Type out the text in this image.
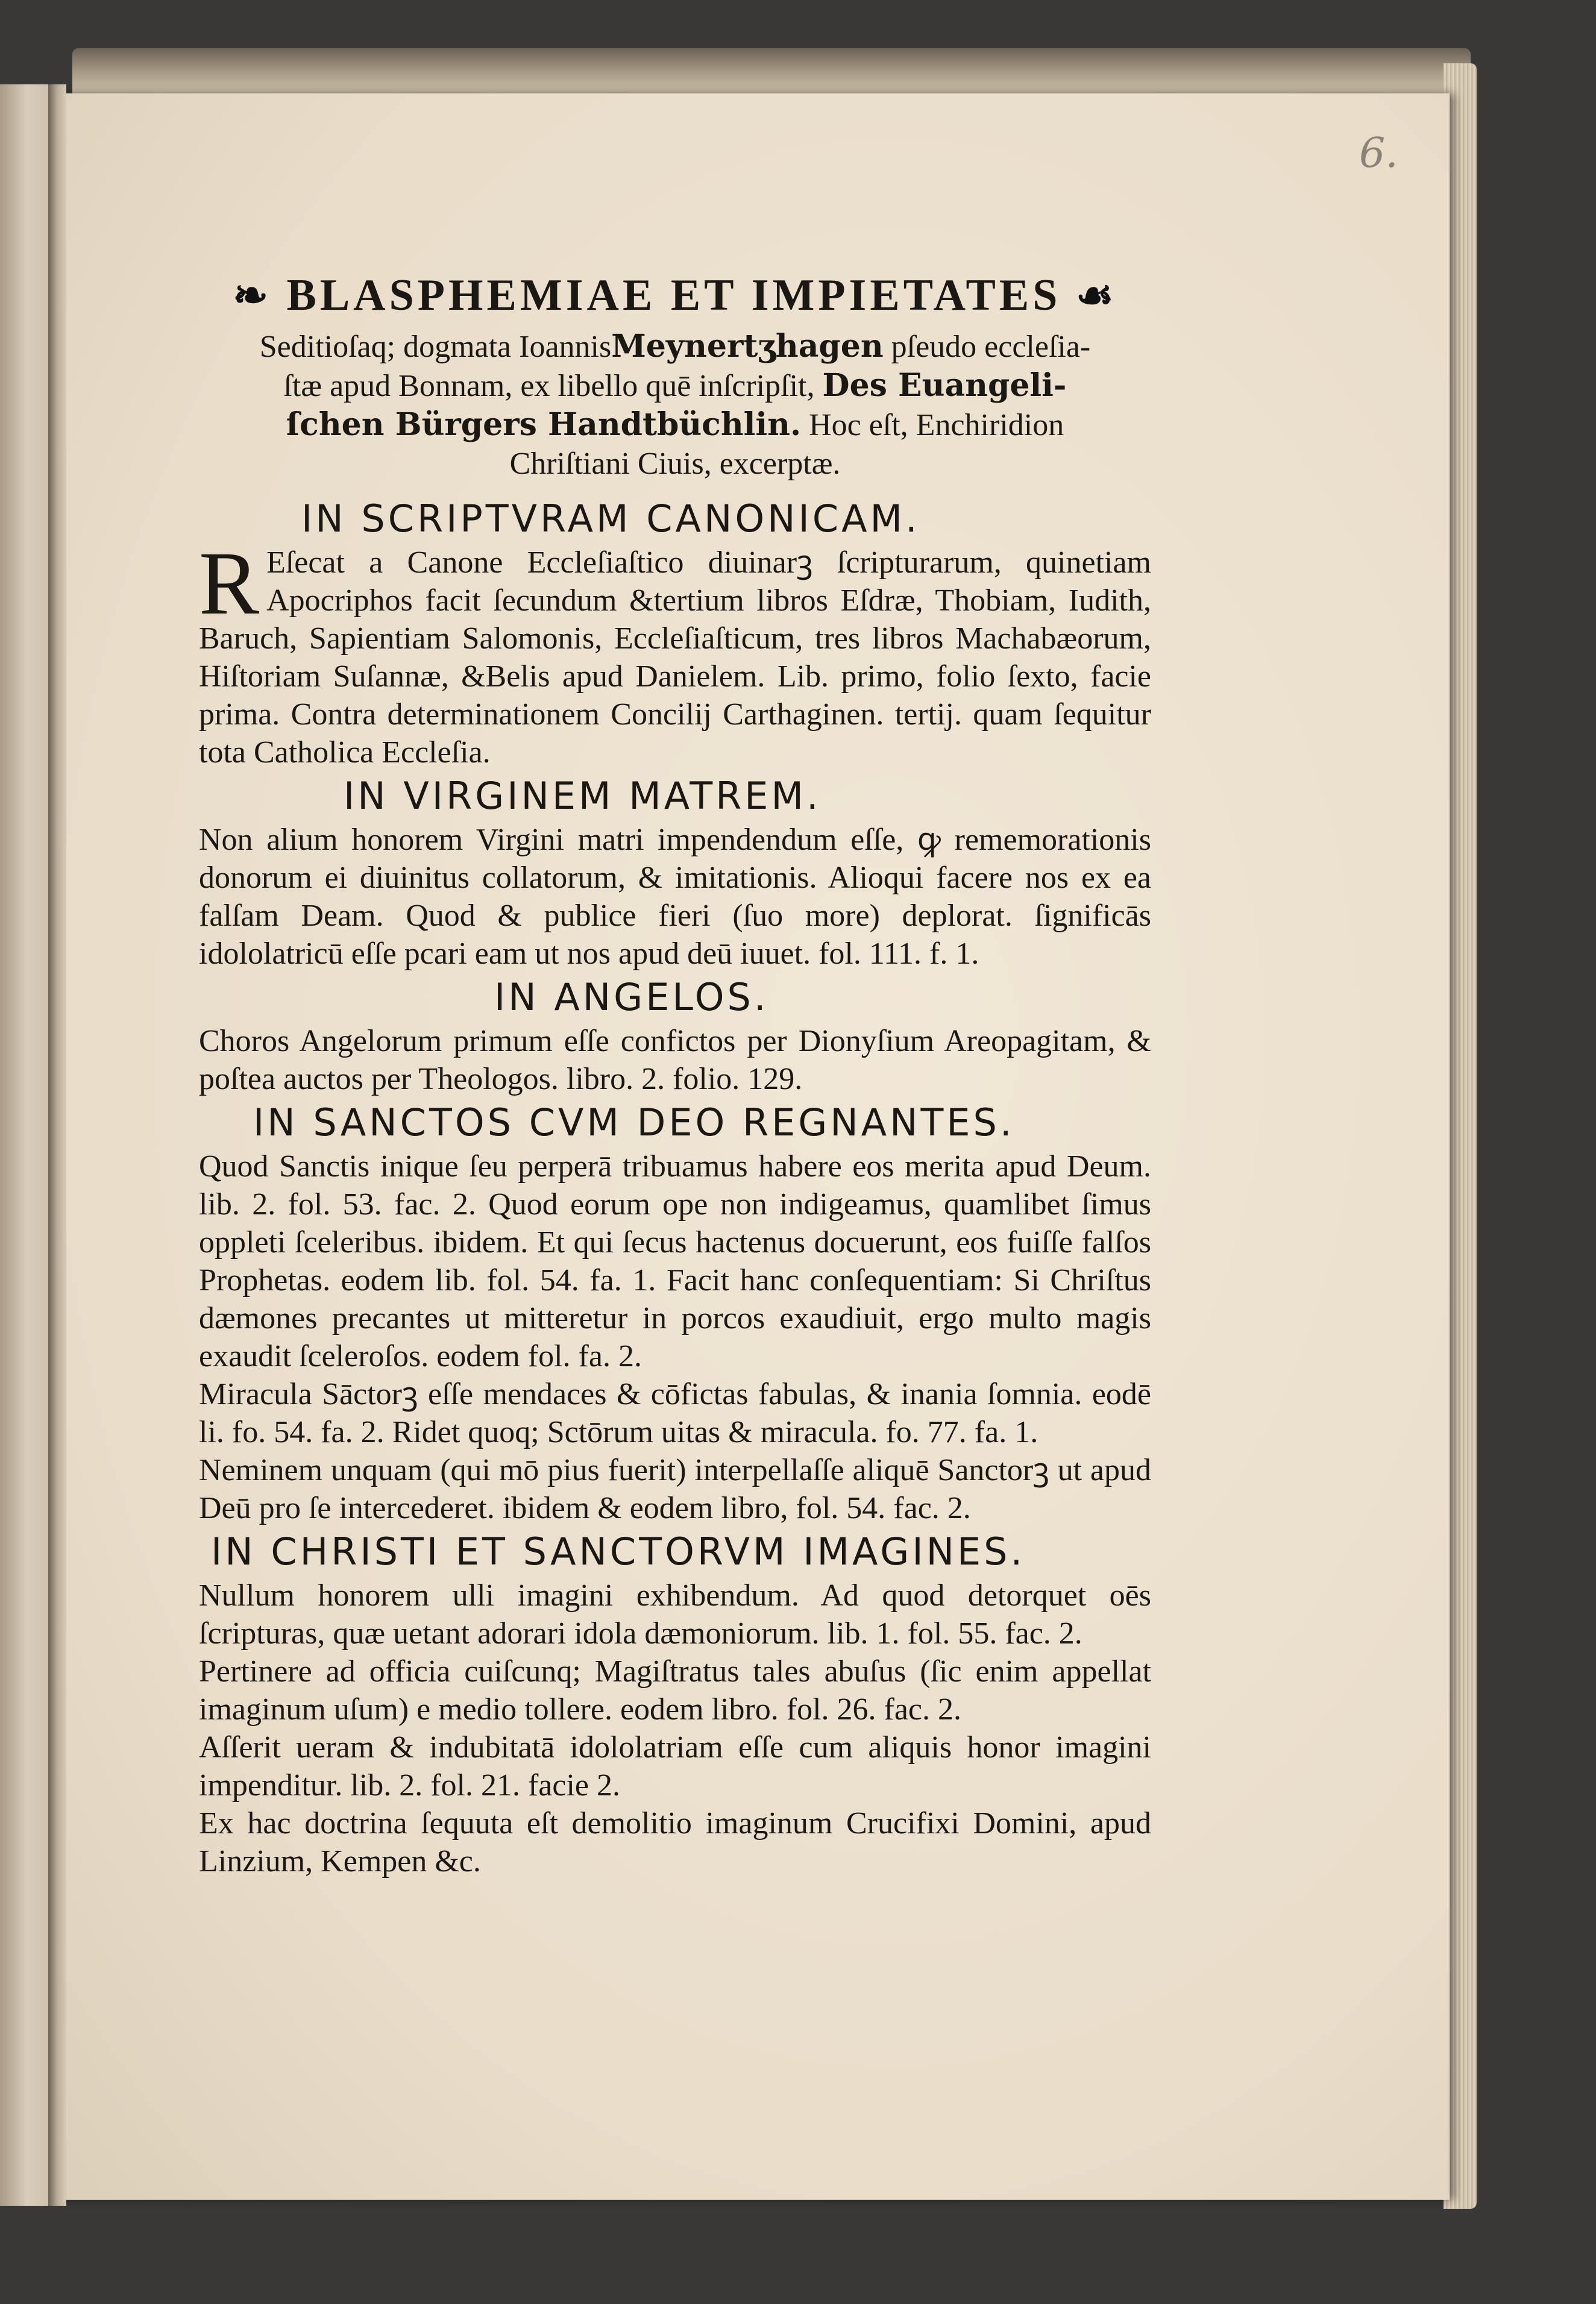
6.
❧ BLASPHEMIAE ET IMPIETATES ☙
Seditioſaq; dogmata IoannisMeynertʒhagen pſeudo eccleſia-
ſtæ apud Bonnam, ex libello quē inſcripſit, Des Euangeli-
ſchen Bürgers Handtbüchlin. Hoc eſt, Enchiridion
Chriſtiani Ciuis, excerptæ.
IN SCRIPTVRAM CANONICAM.
R Eſecat a Canone Eccleſiaſtico diuinarꝫ ſcripturarum, quinetiam Apocriphos facit ſecundum &tertium libros Eſdræ, Thobiam, Iudith, Baruch, Sapientiam Salomonis, Eccleſiaſticum, tres libros Machabæorum, Hiſtoriam Suſannæ, &Belis apud Danielem. Lib. primo, folio ſexto, facie prima. Contra determinationem Concilij Carthaginen. tertij. quam ſequitur tota Catholica Eccleſia.

IN VIRGINEM MATREM.

Non alium honorem Virgini matri impendendum eſſe, ꝙ rememorationis donorum ei diuinitus collatorum, & imitationis. Alioqui facere nos ex ea falſam Deam. Quod & publice fieri (ſuo more) deplorat. ſignificās idololatricū eſſe pcari eam ut nos apud deū iuuet. fol. 111. f. 1.

IN ANGELOS.

Choros Angelorum primum eſſe confictos per Dionyſium Areopagitam, & poſtea auctos per Theologos. libro. 2. folio. 129.

IN SANCTOS CVM DEO REGNANTES.

Quod Sanctis inique ſeu perperā tribuamus habere eos merita apud Deum. lib. 2. fol. 53. fac. 2. Quod eorum ope non indigeamus, quamlibet ſimus oppleti ſceleribus. ibidem. Et qui ſecus hactenus docuerunt, eos fuiſſe falſos Prophetas. eodem lib. fol. 54. fa. 1. Facit hanc conſequentiam: Si Chriſtus dæmones precantes ut mitteretur in porcos exaudiuit, ergo multo magis exaudit ſceleroſos. eodem fol. fa. 2.

Miracula Sāctorꝫ eſſe mendaces & cōfictas fabulas, & inania ſomnia. eodē li. fo. 54. fa. 2. Ridet quoq; Sctōrum uitas & miracula. fo. 77. fa. 1.

Neminem unquam (qui mō pius fuerit) interpellaſſe aliquē Sanctorꝫ ut apud Deū pro ſe intercederet. ibidem & eodem libro, fol. 54. fac. 2.

IN CHRISTI ET SANCTORVM IMAGINES.

Nullum honorem ulli imagini exhibendum. Ad quod detorquet oēs ſcripturas, quæ uetant adorari idola dæmoniorum. lib. 1. fol. 55. fac. 2.

Pertinere ad officia cuiſcunq; Magiſtratus tales abuſus (ſic enim appellat imaginum uſum) e medio tollere. eodem libro. fol. 26. fac. 2.

Aſſerit ueram & indubitatā idololatriam eſſe cum aliquis honor imagini impenditur. lib. 2. fol. 21. facie 2.

Ex hac doctrina ſequuta eſt demolitio imaginum Crucifixi Domini, apud Linzium, Kempen &c.
